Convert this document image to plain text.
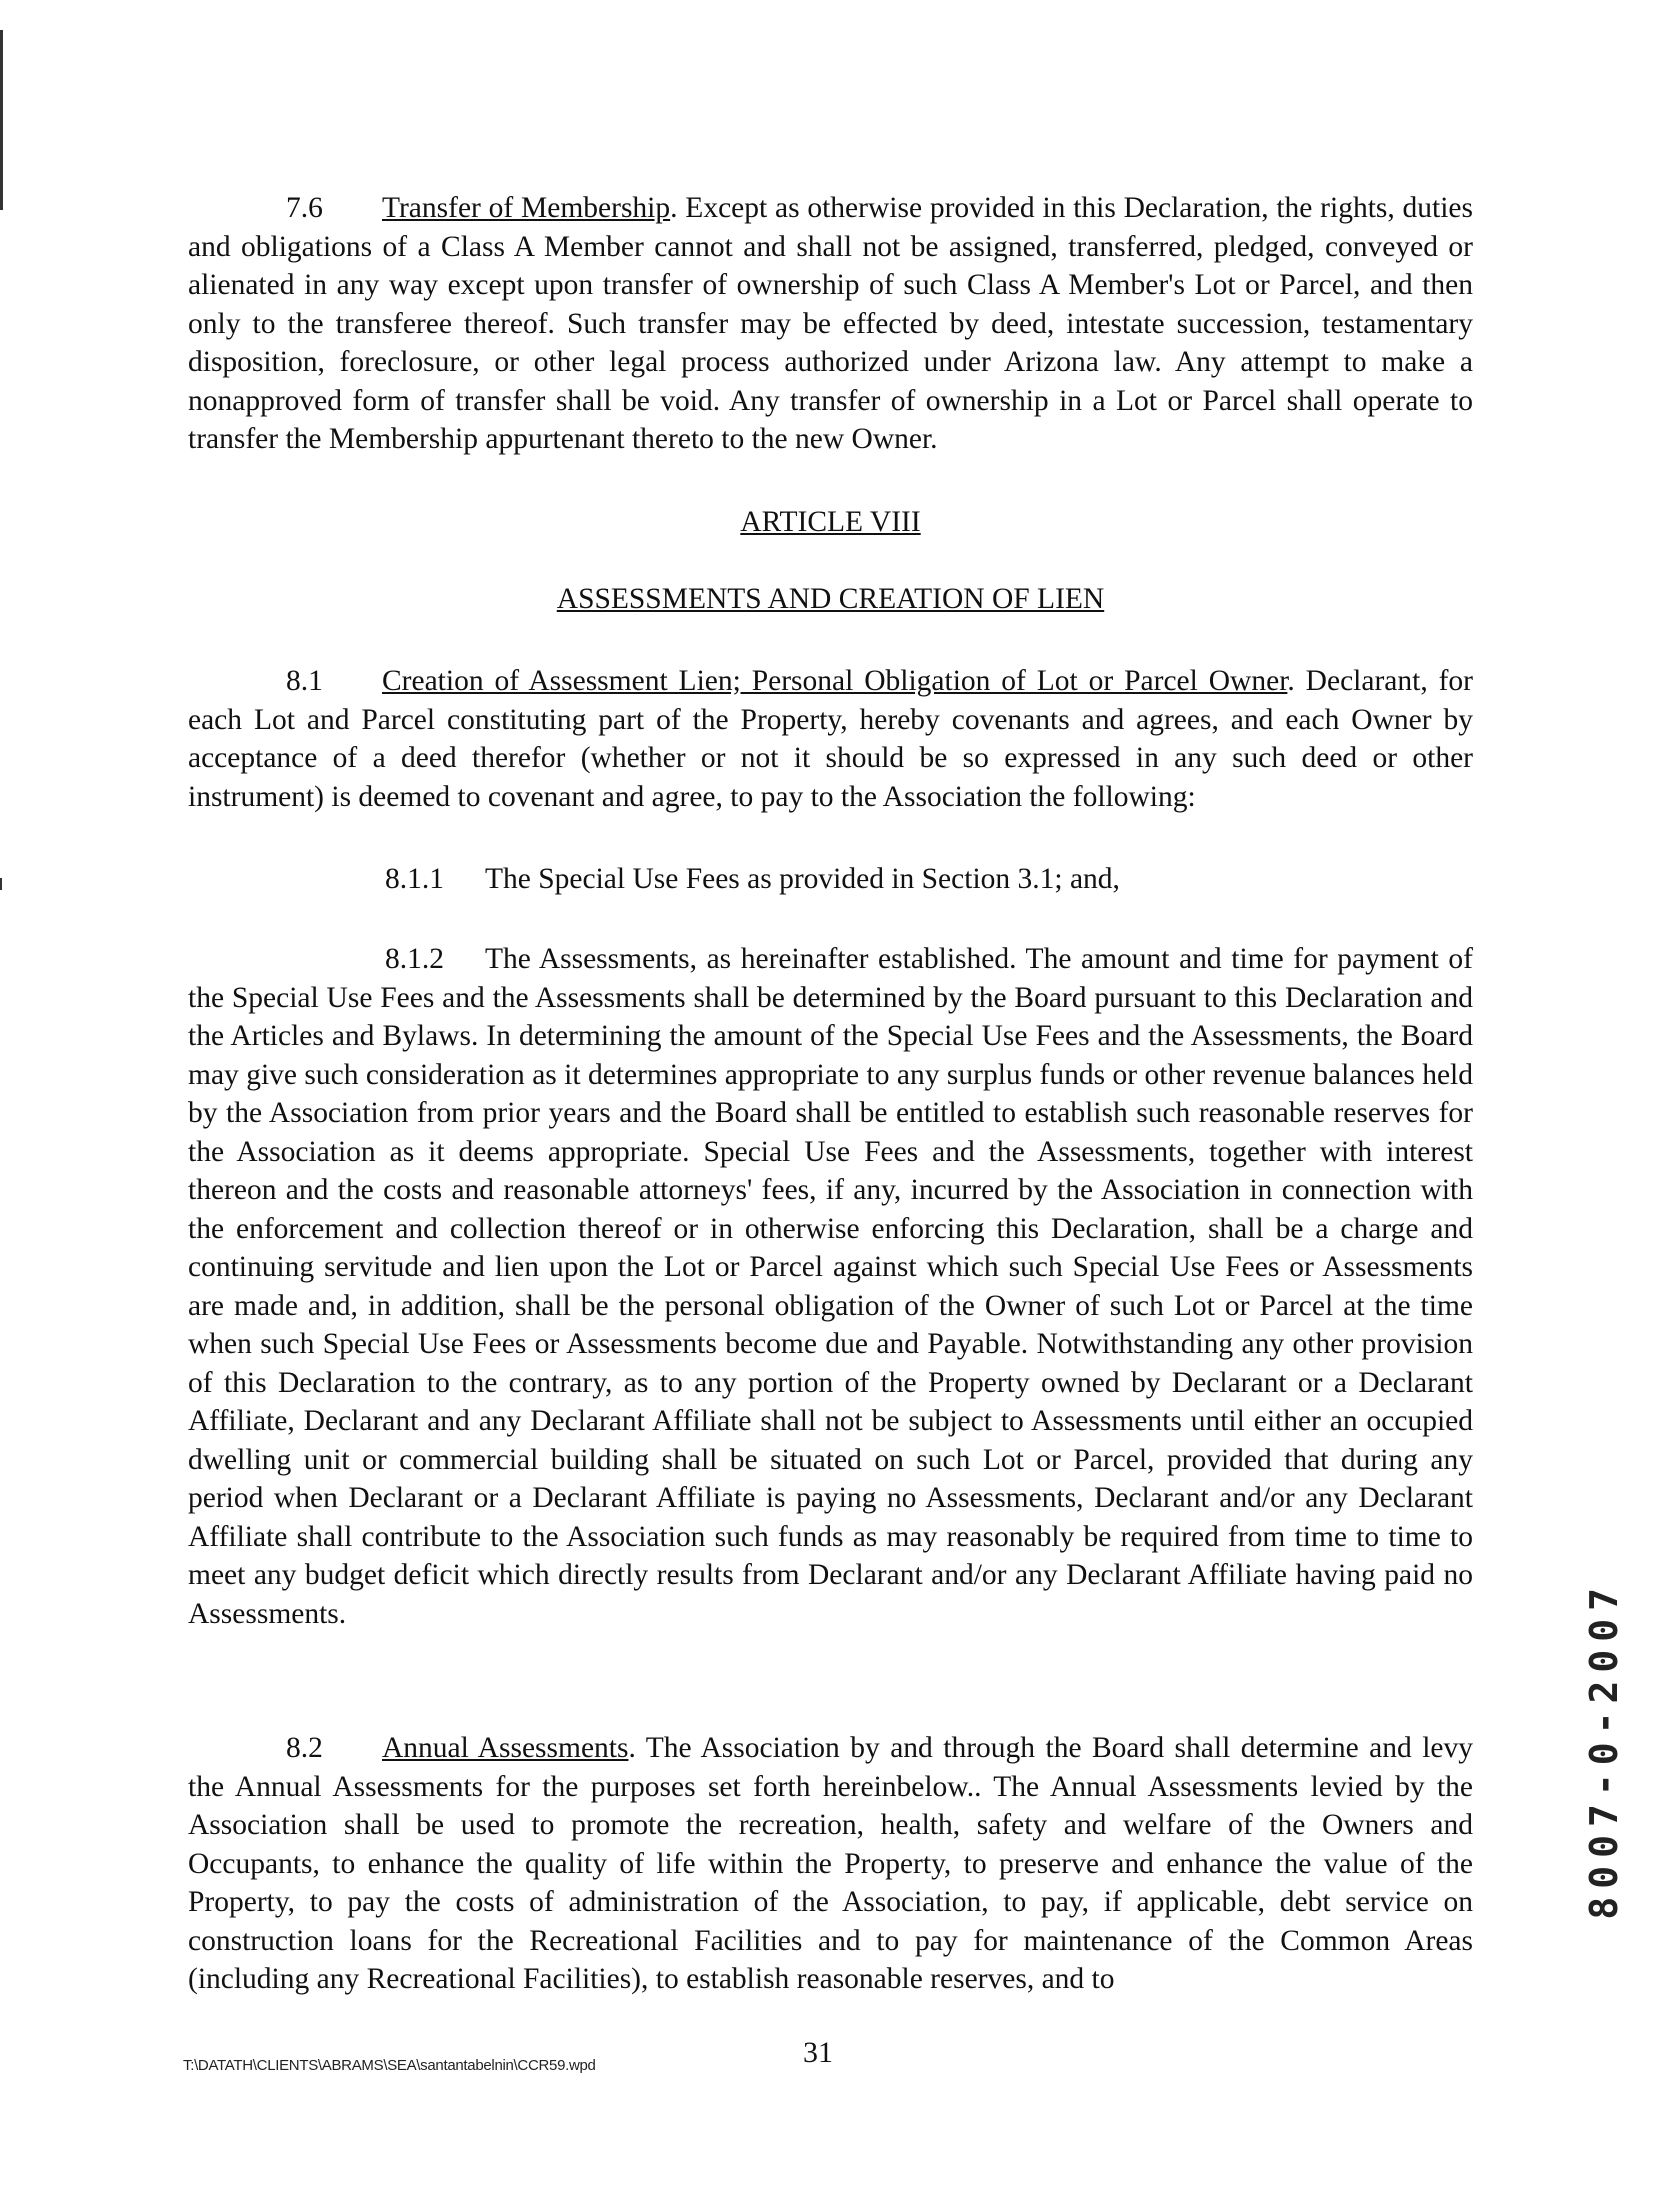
7.6 Transfer of Membership. Except as otherwise provided in this Declaration, the rights, duties and obligations of a Class A Member cannot and shall not be assigned, transferred, pledged, conveyed or alienated in any way except upon transfer of ownership of such Class A Member's Lot or Parcel, and then only to the transferee thereof. Such transfer may be effected by deed, intestate succession, testamentary disposition, foreclosure, or other legal process authorized under Arizona law. Any attempt to make a nonapproved form of transfer shall be void. Any transfer of ownership in a Lot or Parcel shall operate to transfer the Membership appurtenant thereto to the new Owner.
ARTICLE VIII
ASSESSMENTS AND CREATION OF LIEN
8.1 Creation of Assessment Lien; Personal Obligation of Lot or Parcel Owner. Declarant, for each Lot and Parcel constituting part of the Property, hereby covenants and agrees, and each Owner by acceptance of a deed therefor (whether or not it should be so expressed in any such deed or other instrument) is deemed to covenant and agree, to pay to the Association the following:
8.1.1 The Special Use Fees as provided in Section 3.1; and,
8.1.2 The Assessments, as hereinafter established. The amount and time for payment of the Special Use Fees and the Assessments shall be determined by the Board pursuant to this Declaration and the Articles and Bylaws. In determining the amount of the Special Use Fees and the Assessments, the Board may give such consideration as it determines appropriate to any surplus funds or other revenue balances held by the Association from prior years and the Board shall be entitled to establish such reasonable reserves for the Association as it deems appropriate. Special Use Fees and the Assessments, together with interest thereon and the costs and reasonable attorneys' fees, if any, incurred by the Association in connection with the enforcement and collection thereof or in otherwise enforcing this Declaration, shall be a charge and continuing servitude and lien upon the Lot or Parcel against which such Special Use Fees or Assessments are made and, in addition, shall be the personal obligation of the Owner of such Lot or Parcel at the time when such Special Use Fees or Assessments become due and Payable. Notwithstanding any other provision of this Declaration to the contrary, as to any portion of the Property owned by Declarant or a Declarant Affiliate, Declarant and any Declarant Affiliate shall not be subject to Assessments until either an occupied dwelling unit or commercial building shall be situated on such Lot or Parcel, provided that during any period when Declarant or a Declarant Affiliate is paying no Assessments, Declarant and/or any Declarant Affiliate shall contribute to the Association such funds as may reasonably be required from time to time to meet any budget deficit which directly results from Declarant and/or any Declarant Affiliate having paid no Assessments.
8.2 Annual Assessments. The Association by and through the Board shall determine and levy the Annual Assessments for the purposes set forth hereinbelow.. The Annual Assessments levied by the Association shall be used to promote the recreation, health, safety and welfare of the Owners and Occupants, to enhance the quality of life within the Property, to preserve and enhance the value of the Property, to pay the costs of administration of the Association, to pay, if applicable, debt service on construction loans for the Recreational Facilities and to pay for maintenance of the Common Areas (including any Recreational Facilities), to establish reasonable reserves, and to
8007-0-2007
T:\DATATH\CLIENTS\ABRAMS\SEA\santantabelnin\CCR59.wpd	31
